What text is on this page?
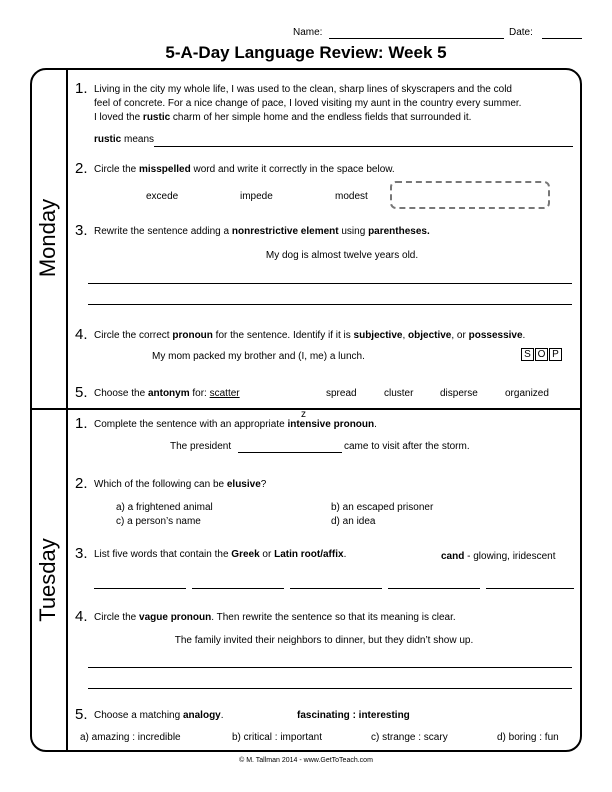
Name:	Date:
5-A-Day Language Review: Week 5
Monday
Tuesday
1. Living in the city my whole life, I was used to the clean, sharp lines of skyscrapers and the cold
feel of concrete. For a nice change of pace, I loved visiting my aunt in the country every summer.
I loved the rustic charm of her simple home and the endless fields that surrounded it.
rustic means
2. Circle the misspelled word and write it correctly in the space below.
excede	impede	modest
3. Rewrite the sentence adding a nonrestrictive element using parentheses.
My dog is almost twelve years old.
4. Circle the correct pronoun for the sentence. Identify if it is subjective, objective, or possessive.
My mom packed my brother and (I, me) a lunch.	S O P
5. Choose the antonym for: scatter	spread	cluster	disperse	organized
z
1. Complete the sentence with an appropriate intensive pronoun.
The president	came to visit after the storm.
2. Which of the following can be elusive?
a) a frightened animal	b) an escaped prisoner
c) a person’s name	d) an idea
3. List five words that contain the Greek or Latin root/affix.	cand - glowing, iridescent
4. Circle the vague pronoun. Then rewrite the sentence so that its meaning is clear.
The family invited their neighbors to dinner, but they didn’t show up.
5. Choose a matching analogy.	fascinating : interesting
a) amazing : incredible	b) critical : important	c) strange : scary	d) boring : fun
© M. Tallman 2014 - www.GetToTeach.com
